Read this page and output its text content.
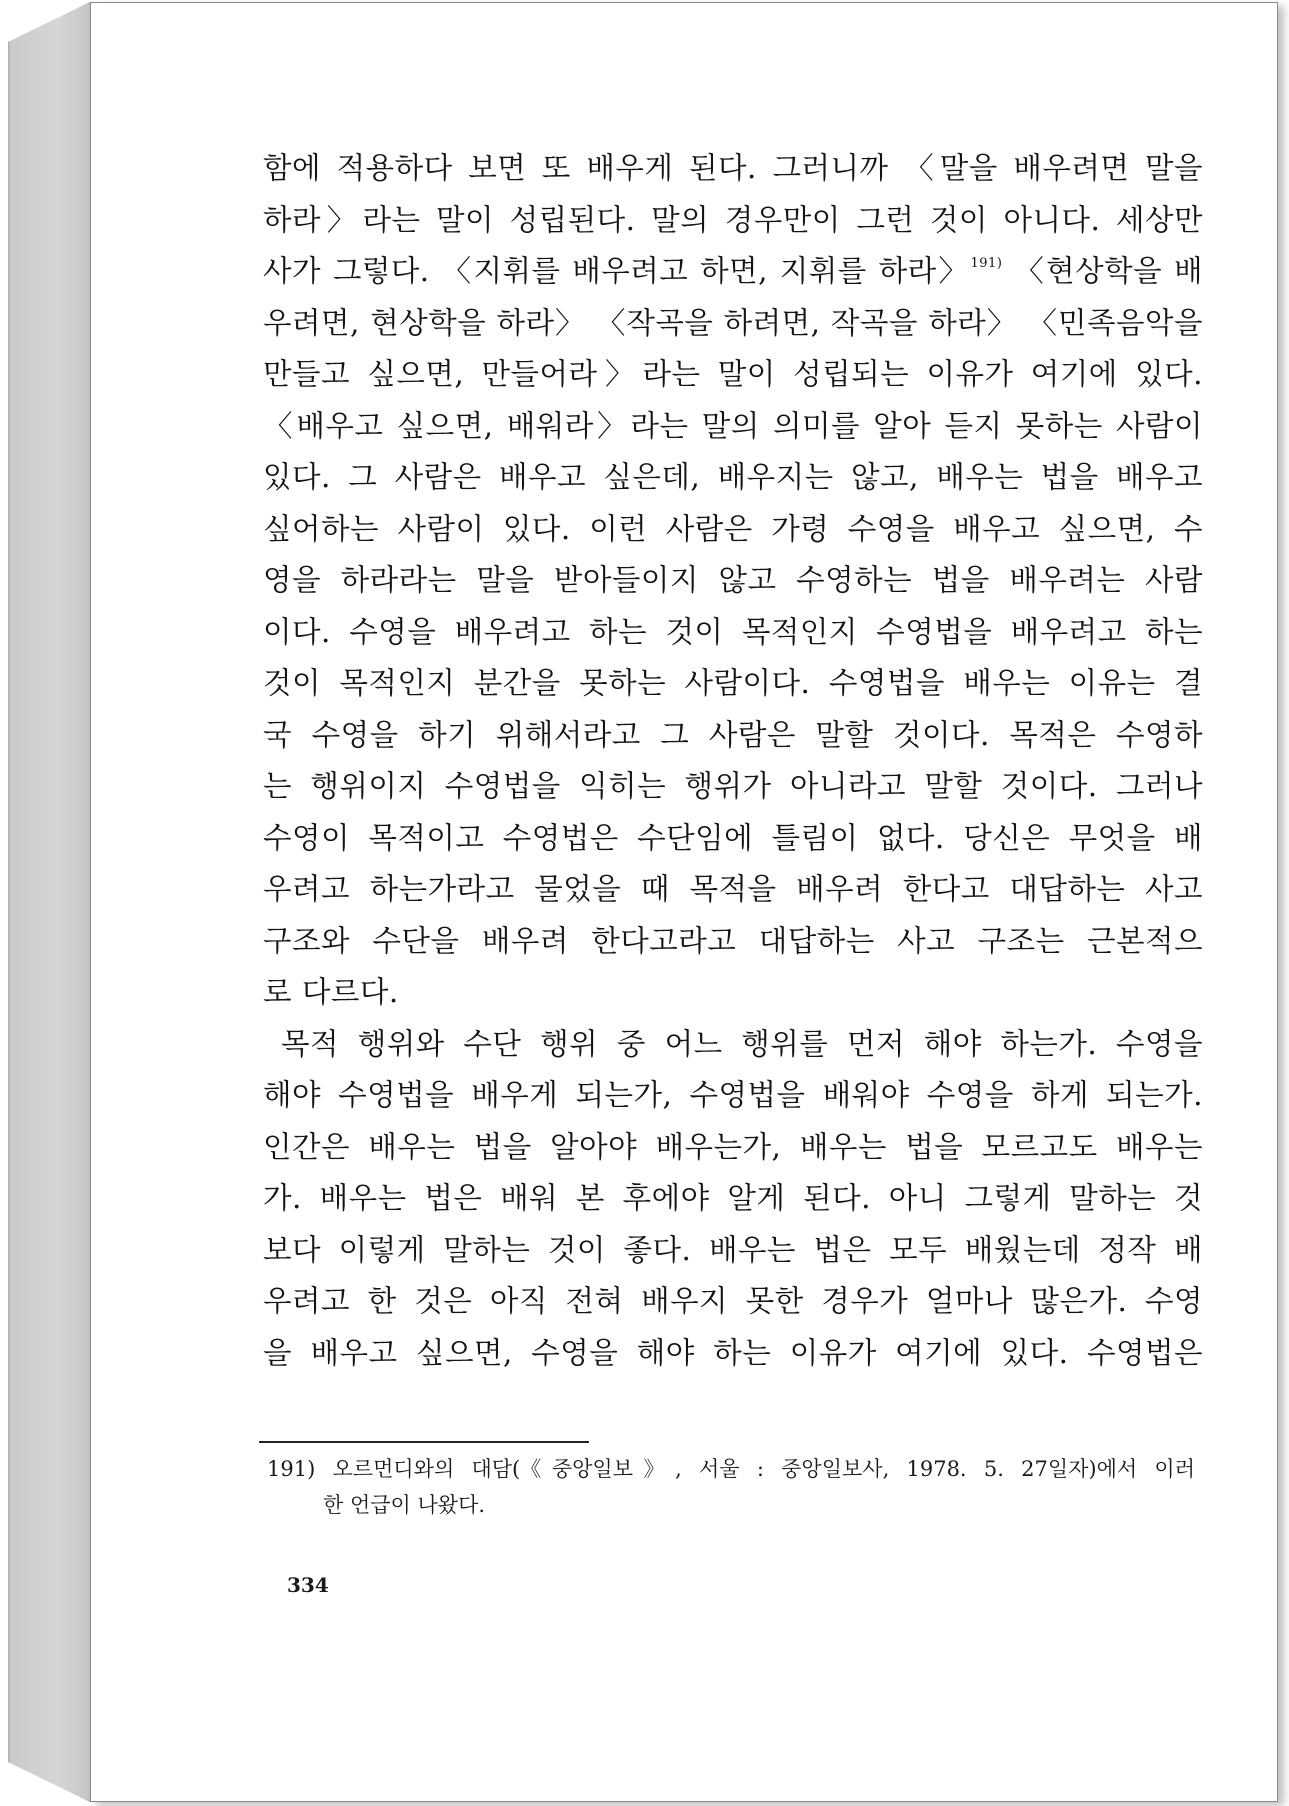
함에 적용하다 보면 또 배우게 된다. 그러니까 〈말을 배우려면 말을
하라〉라는 말이 성립된다. 말의 경우만이 그런 것이 아니다. 세상만
사가 그렇다. 〈지휘를 배우려고 하면, 지휘를 하라〉$^{191)}$ 〈현상학을 배
우려면, 현상학을 하라〉 〈작곡을 하려면, 작곡을 하라〉 〈민족음악을
만들고 싶으면, 만들어라〉라는 말이 성립되는 이유가 여기에 있다.
〈배우고 싶으면, 배워라〉라는 말의 의미를 알아 듣지 못하는 사람이
있다. 그 사람은 배우고 싶은데, 배우지는 않고, 배우는 법을 배우고
싶어하는 사람이 있다. 이런 사람은 가령 수영을 배우고 싶으면, 수
영을 하라라는 말을 받아들이지 않고 수영하는 법을 배우려는 사람
이다. 수영을 배우려고 하는 것이 목적인지 수영법을 배우려고 하는
것이 목적인지 분간을 못하는 사람이다. 수영법을 배우는 이유는 결
국 수영을 하기 위해서라고 그 사람은 말할 것이다. 목적은 수영하
는 행위이지 수영법을 익히는 행위가 아니라고 말할 것이다. 그러나
수영이 목적이고 수영법은 수단임에 틀림이 없다. 당신은 무엇을 배
우려고 하는가라고 물었을 때 목적을 배우려 한다고 대답하는 사고
구조와 수단을 배우려 한다고라고 대답하는 사고 구조는 근본적으
로 다르다.
목적 행위와 수단 행위 중 어느 행위를 먼저 해야 하는가. 수영을
해야 수영법을 배우게 되는가, 수영법을 배워야 수영을 하게 되는가.
인간은 배우는 법을 알아야 배우는가, 배우는 법을 모르고도 배우는
가. 배우는 법은 배워 본 후에야 알게 된다. 아니 그렇게 말하는 것
보다 이렇게 말하는 것이 좋다. 배우는 법은 모두 배웠는데 정작 배
우려고 한 것은 아직 전혀 배우지 못한 경우가 얼마나 많은가. 수영
을 배우고 싶으면, 수영을 해야 하는 이유가 여기에 있다. 수영법은
191) 오르먼디와의 대담(《중앙일보》, 서울 : 중앙일보사, 1978. 5. 27일자)에서 이러
한 언급이 나왔다.
334
